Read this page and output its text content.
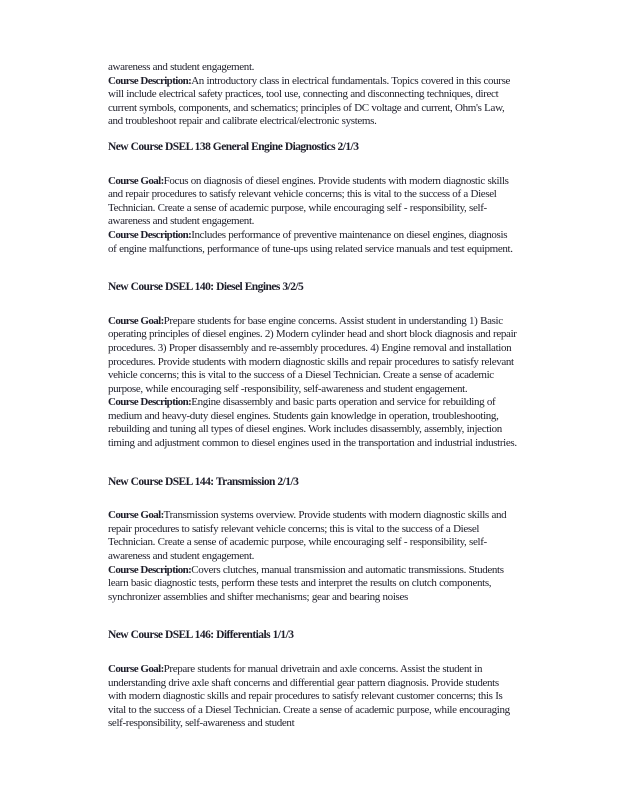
awareness and student engagement.

Course Description:An introductory class in electrical fundamentals. Topics covered in this course will include electrical safety practices, tool use, connecting and disconnecting techniques, direct current symbols, components, and schematics; principles of DC voltage and current, Ohm's Law, and troubleshoot repair and calibrate electrical/electronic systems.

New Course DSEL 138 General Engine Diagnostics 2/1/3

Course Goal:Focus on diagnosis of diesel engines. Provide students with modern diagnostic skills and repair procedures to satisfy relevant vehicle concerns; this is vital to the success of a Diesel Technician. Create a sense of academic purpose, while encouraging self - responsibility, self-awareness and student engagement.

Course Description:Includes performance of preventive maintenance on diesel engines, diagnosis of engine malfunctions, performance of tune-ups using related service manuals and test equipment.

New Course DSEL 140: Diesel Engines 3/2/5

Course Goal:Prepare students for base engine concerns. Assist student in understanding 1) Basic operating principles of diesel engines. 2) Modern cylinder head and short block diagnosis and repair procedures. 3) Proper disassembly and re-assembly procedures. 4) Engine removal and installation procedures. Provide students with modern diagnostic skills and repair procedures to satisfy relevant vehicle concerns; this is vital to the success of a Diesel Technician. Create a sense of academic purpose, while encouraging self -responsibility, self-awareness and student engagement.

Course Description:Engine disassembly and basic parts operation and service for rebuilding of medium and heavy-duty diesel engines. Students gain knowledge in operation, troubleshooting, rebuilding and tuning all types of diesel engines. Work includes disassembly, assembly, injection timing and adjustment common to diesel engines used in the transportation and industrial industries.

New Course DSEL 144: Transmission 2/1/3

Course Goal:Transmission systems overview. Provide students with modern diagnostic skills and repair procedures to satisfy relevant vehicle concerns; this is vital to the success of a Diesel Technician. Create a sense of academic purpose, while encouraging self - responsibility, self-awareness and student engagement.

Course Description:Covers clutches, manual transmission and automatic transmissions. Students learn basic diagnostic tests, perform these tests and interpret the results on clutch components, synchronizer assemblies and shifter mechanisms; gear and bearing noises

New Course DSEL 146: Differentials 1/1/3

Course Goal:Prepare students for manual drivetrain and axle concerns. Assist the student in understanding drive axle shaft concerns and differential gear pattern diagnosis. Provide students with modern diagnostic skills and repair procedures to satisfy relevant customer concerns; this Is vital to the success of a Diesel Technician. Create a sense of academic purpose, while encouraging self-responsibility, self-awareness and student
